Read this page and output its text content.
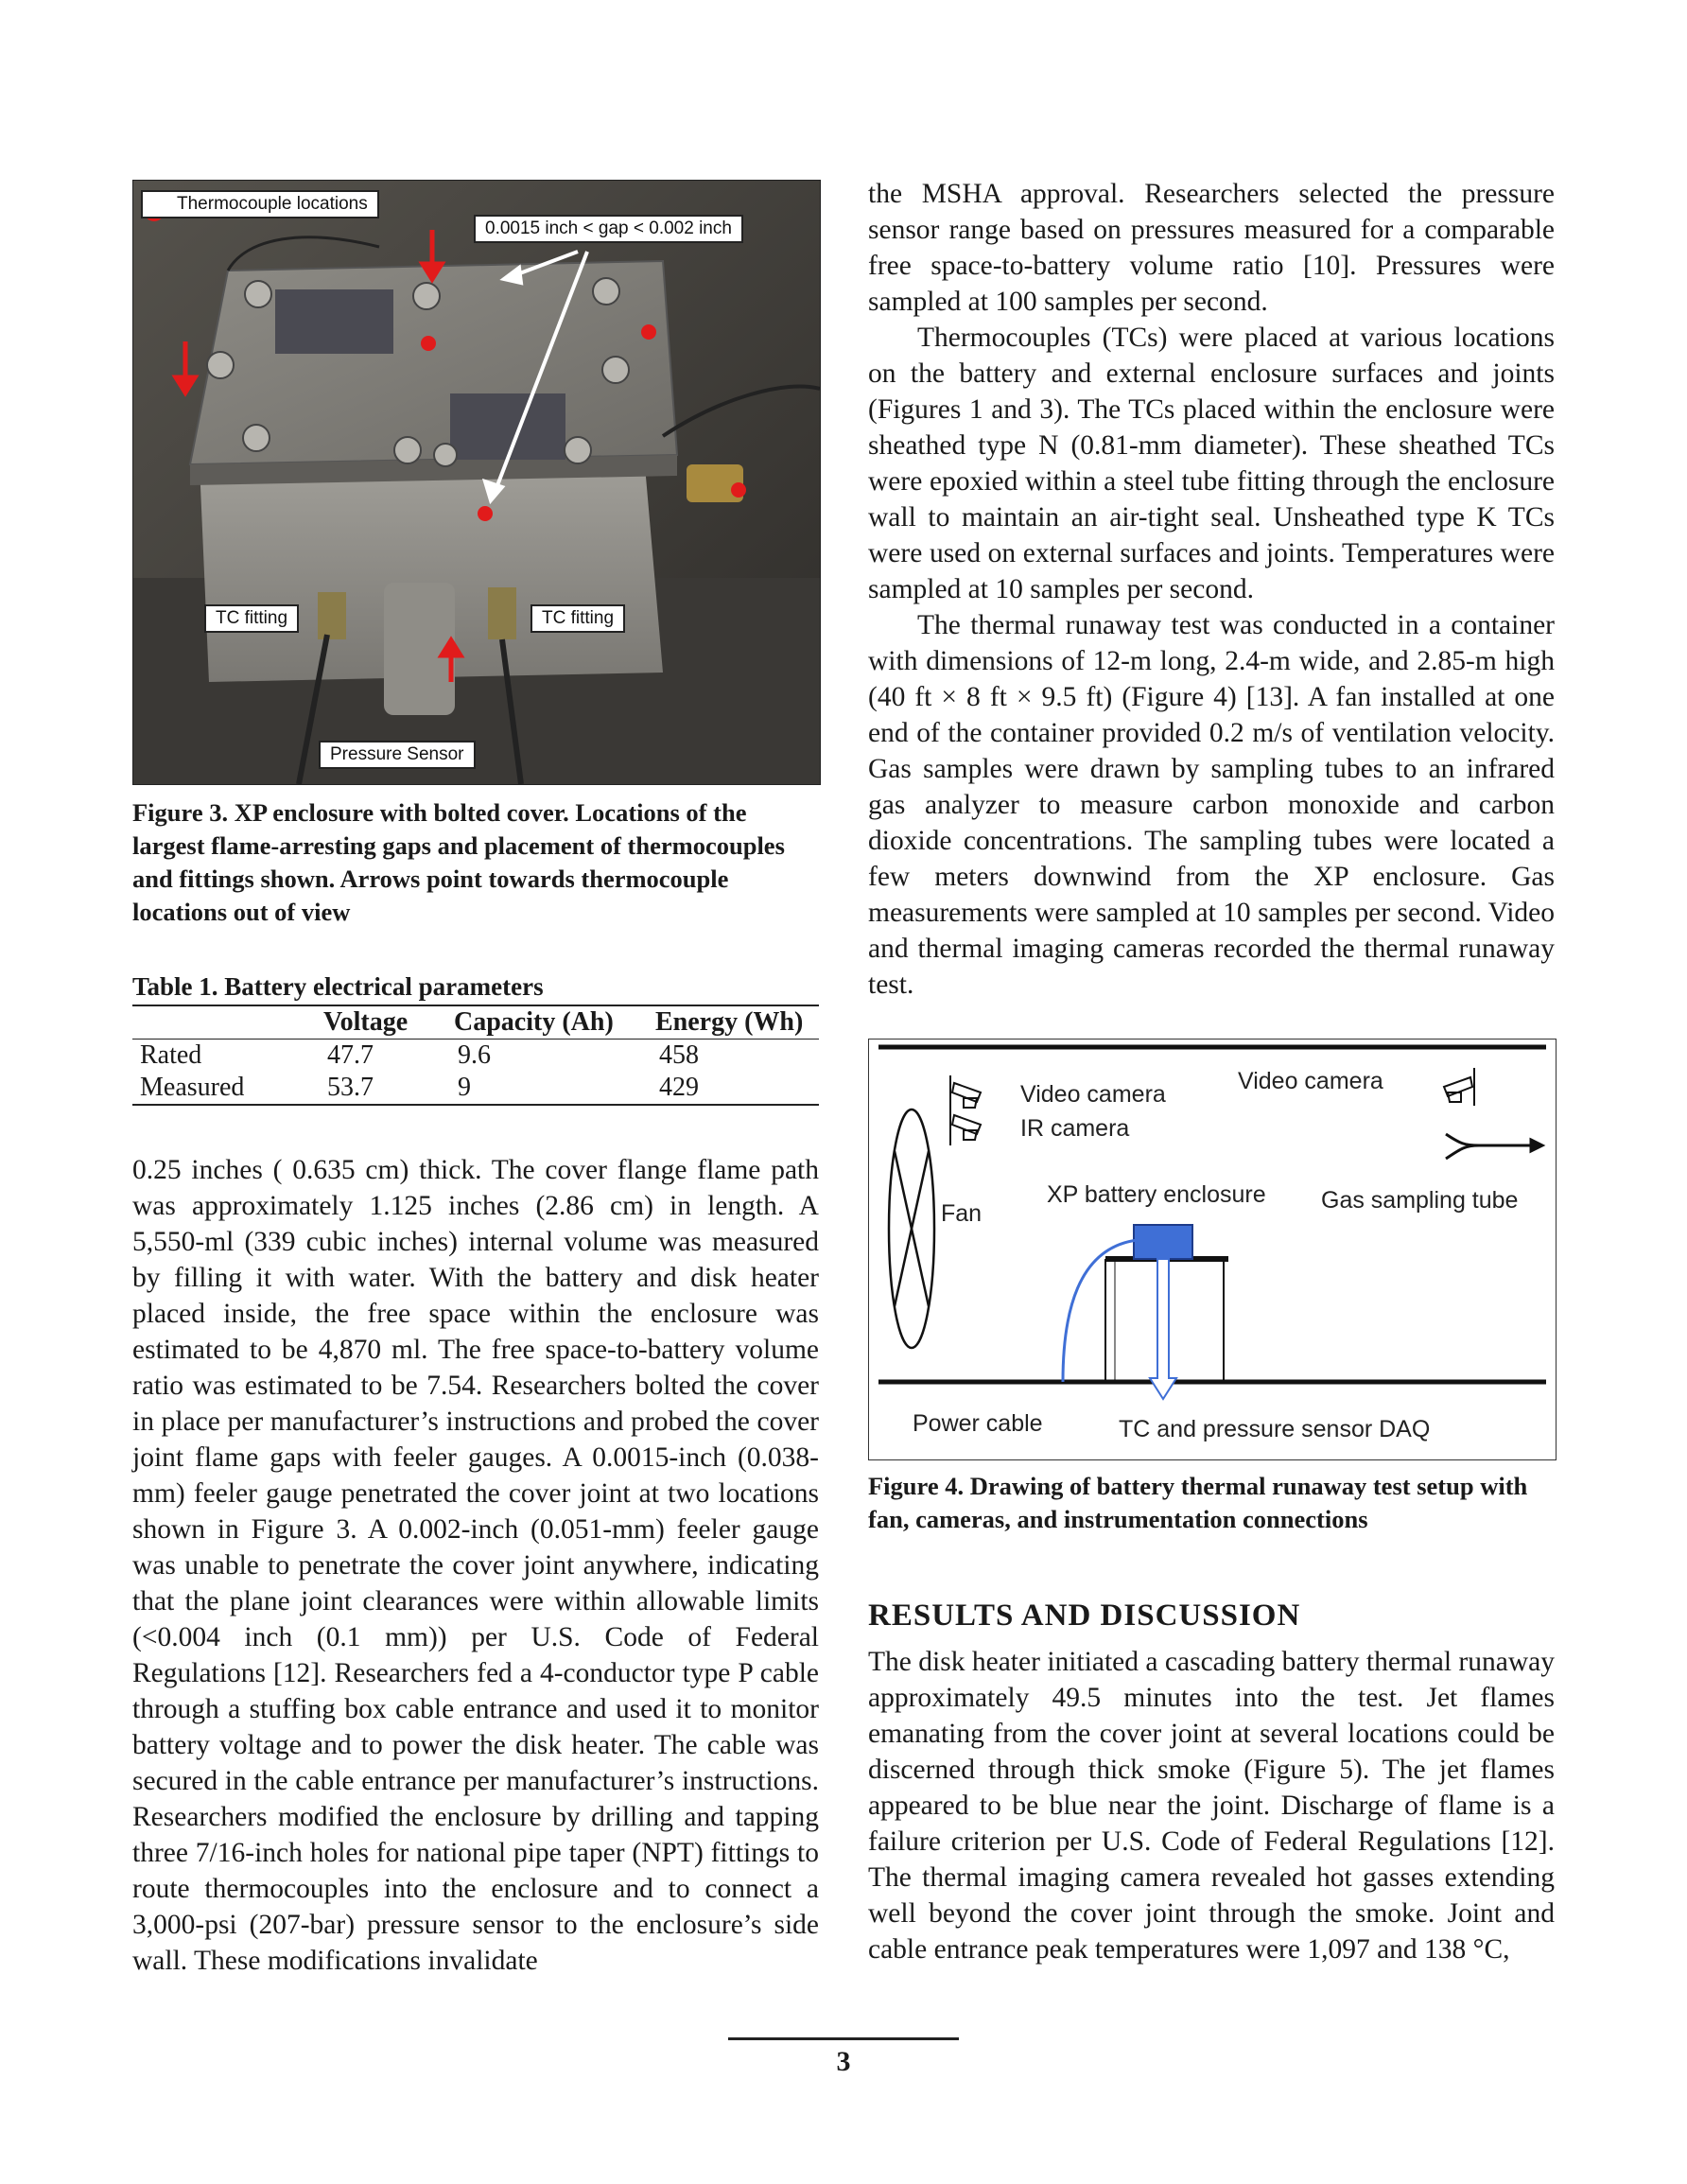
Thermocouple locations
0.0015 inch < gap < 0.002 inch
TC fitting	TC fitting
Pressure Sensor
Figure 3. XP enclosure with bolted cover. Locations of the largest flame-arresting gaps and placement of thermocouples and fittings shown. Arrows point towards thermocouple locations out of view
Table 1. Battery electrical parameters
	Voltage	Capacity (Ah)	Energy (Wh)
Rated	47.7	9.6	458
Measured	53.7	9	429

0.25 inches ( 0.635 cm) thick. The cover flange flame path was approximately 1.125 inches (2.86 cm) in length. A 5,550-ml (339 cubic inches) internal volume was measured by filling it with water. With the battery and disk heater placed inside, the free space within the enclosure was estimated to be 4,870 ml. The free space-to-battery volume ratio was estimated to be 7.54. Researchers bolted the cover in place per manufacturer’s instructions and probed the cover joint flame gaps with feeler gauges. A 0.0015-inch (0.038-mm) feeler gauge penetrated the cover joint at two locations shown in Figure 3. A 0.002-inch (0.051-mm) feeler gauge was unable to penetrate the cover joint anywhere, indicating that the plane joint clearances were within allowable limits (<0.004 inch (0.1 mm)) per U.S. Code of Federal Regulations [12]. Researchers fed a 4-conductor type P cable through a stuffing box cable entrance and used it to monitor battery voltage and to power the disk heater. The cable was secured in the cable entrance per manufacturer’s instructions. Researchers modified the enclosure by drilling and tapping three 7/16-inch holes for national pipe taper (NPT) fittings to route thermocouples into the enclosure and to connect a 3,000-psi (207-bar) pressure sensor to the enclosure’s side wall. These modifications invalidate

the MSHA approval. Researchers selected the pressure sensor range based on pressures measured for a comparable free space-to-battery volume ratio [10]. Pressures were sampled at 100 samples per second.

Thermocouples (TCs) were placed at various locations on the battery and external enclosure surfaces and joints (Figures 1 and 3). The TCs placed within the enclosure were sheathed type N (0.81-mm diameter). These sheathed TCs were epoxied within a steel tube fitting through the enclosure wall to maintain an air-tight seal. Unsheathed type K TCs were used on external surfaces and joints. Temperatures were sampled at 10 samples per second.

The thermal runaway test was conducted in a container with dimensions of 12-m long, 2.4-m wide, and 2.85-m high (40 ft × 8 ft × 9.5 ft) (Figure 4) [13]. A fan installed at one end of the container provided 0.2 m/s of ventilation velocity. Gas samples were drawn by sampling tubes to an infrared gas analyzer to measure carbon monoxide and carbon dioxide concentrations. The sampling tubes were located a few meters downwind from the XP enclosure. Gas measurements were sampled at 10 samples per second. Video and thermal imaging cameras recorded the thermal runaway test.

Video camera
IR camera
Video camera
Fan
XP battery enclosure Gas sampling tube
Power cable	TC and pressure sensor DAQ
Figure 4. Drawing of battery thermal runaway test setup with fan, cameras, and instrumentation connections
RESULTS AND DISCUSSION

The disk heater initiated a cascading battery thermal runaway approximately 49.5 minutes into the test. Jet flames emanating from the cover joint at several locations could be discerned through thick smoke (Figure 5). The jet flames appeared to be blue near the joint. Discharge of flame is a failure criterion per U.S. Code of Federal Regulations [12]. The thermal imaging camera revealed hot gasses extending well beyond the cover joint through the smoke. Joint and cable entrance peak temperatures were 1,097 and 138 °C,

3
